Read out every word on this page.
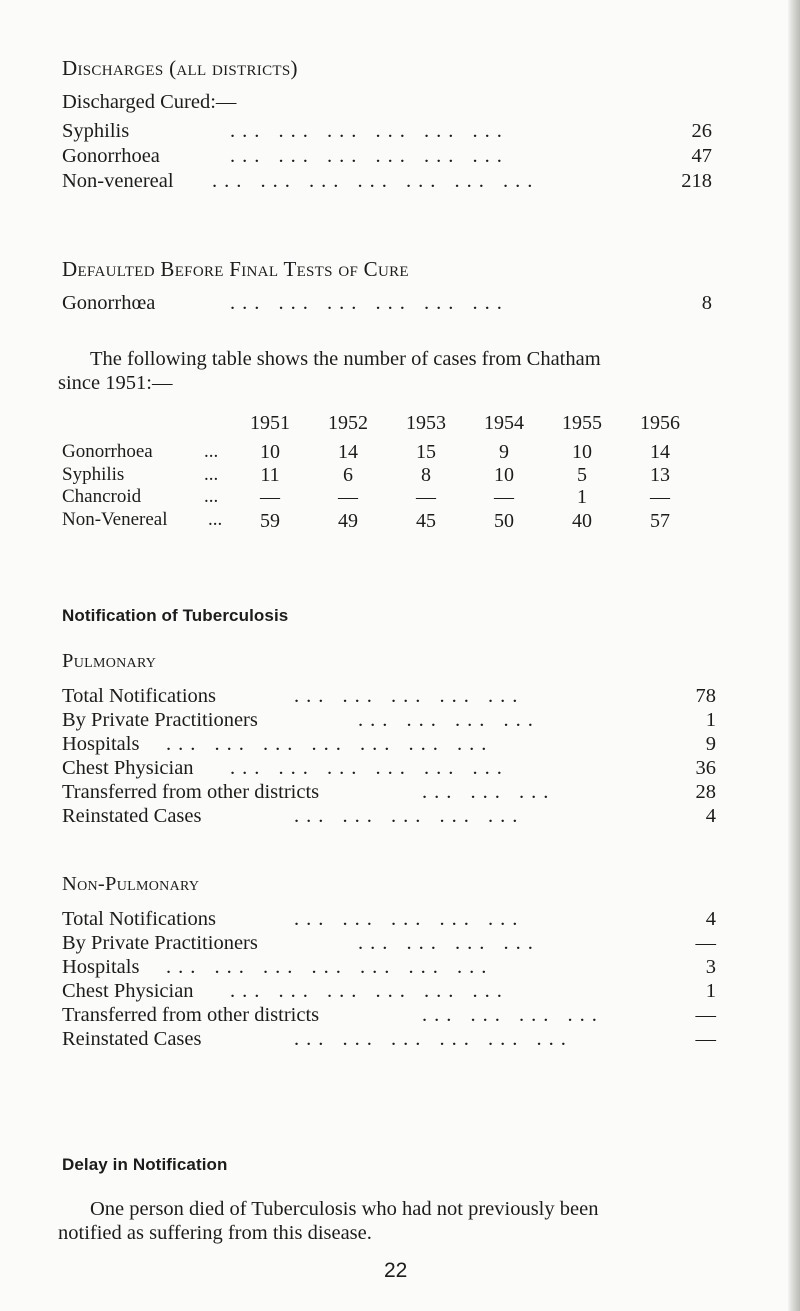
Discharges (all districts)
Discharged Cured:—
Syphilis	... ... ... ... ... ...	26
Gonorrhoea	... ... ... ... ... ...	47
Non-venereal ... ... ... ... ... ... ...	218
Defaulted Before Final Tests of Cure
Gonorrhœa	... ... ... ... ... ...	8
The following table shows the number of cases from Chatham
since 1951:—
1951 1952 1953 1954 1955 1956
Gonorrhoea	...	10	14	15	9	10	14
Syphilis	...	11	6	8	10	5	13
Chancroid	...	—	—	—	—	1	—
Non-Venereal ...	59	49	45	50	40	57
Notification of Tuberculosis
Pulmonary
Total Notifications	... ... ... ... ...	78
By Private Practitioners	... ... ... ...	1
Hospitals ... ... ... ... ... ... ...	9
Chest Physician ... ... ... ... ... ...	36
Transferred from other districts	... ... ...	28
Reinstated Cases	... ... ... ... ...	4
Non-Pulmonary
Total Notifications	... ... ... ... ...	4
By Private Practitioners	... ... ... ...	—
Hospitals ... ... ... ... ... ... ...	3
Chest Physician ... ... ... ... ... ...	1
Transferred from other districts	... ... ... ...	—
Reinstated Cases	... ... ... ... ... ...	—
Delay in Notification
One person died of Tuberculosis who had not previously been
notified as suffering from this disease.
22
